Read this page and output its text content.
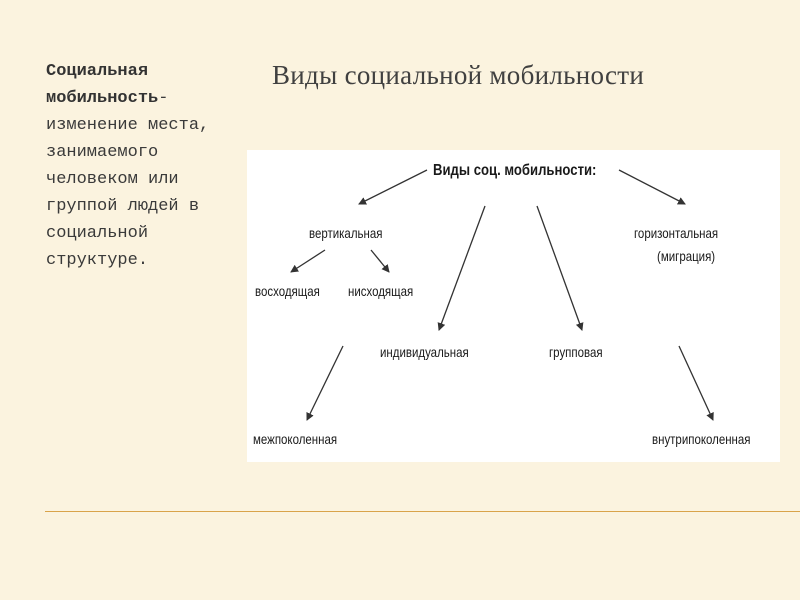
Социальная мобильность- изменение места, занимаемого человеком или группой людей в социальной структуре.
Виды социальной мобильности
Виды соц. мобильности:
вертикальная	горизонтальная
(миграция)
восходящая нисходящая
индивидуальная	групповая
межпоколенная	внутрипоколенная
